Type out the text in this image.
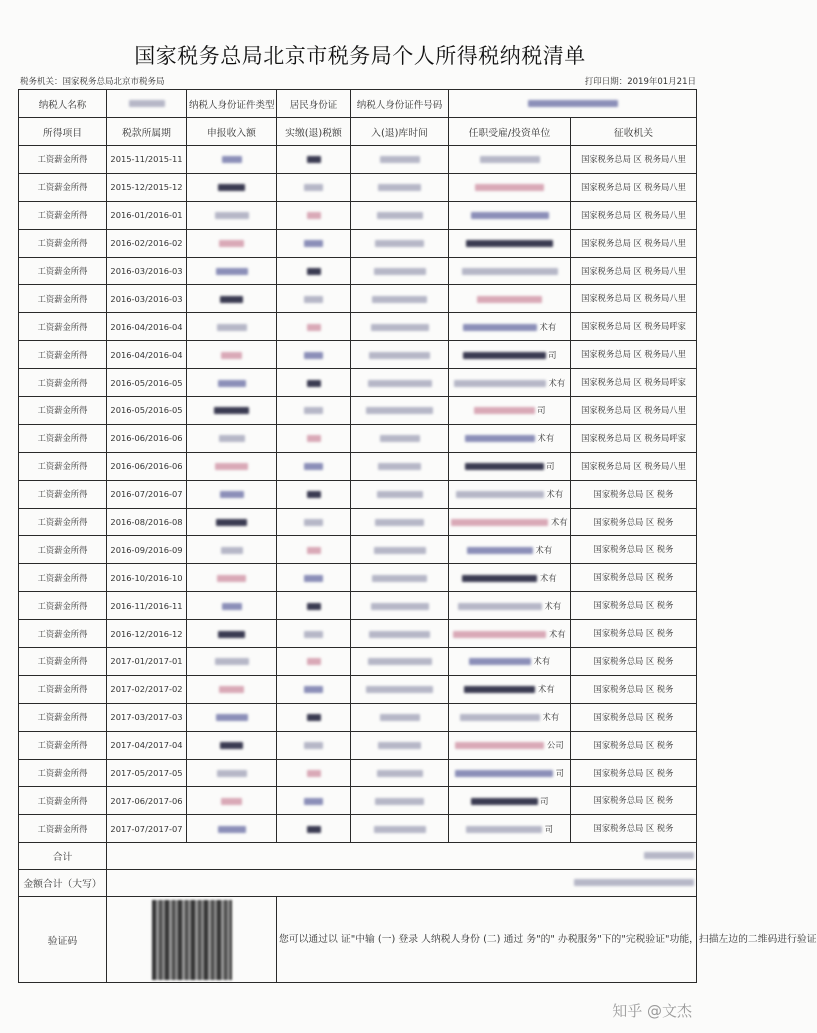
国家税务总局北京市税务局个人所得税纳税清单
税务机关：国家税务总局北京市税务局	打印日期：2019年01月21日
纳税人名称		纳税人身份证件类型	居民身份证	纳税人身份证件号码		
所得项目	税款所属期	申报收入额	实缴(退)税额	入(退)库时间	任职受雇/投资单位	征收机关
工资薪金所得	2015-11/2015-11					国家税务总局 区 税务局八里
工资薪金所得	2015-12/2015-12					国家税务总局 区 税务局八里
工资薪金所得	2016-01/2016-01					国家税务总局 区 税务局八里
工资薪金所得	2016-02/2016-02					国家税务总局 区 税务局八里
工资薪金所得	2016-03/2016-03					国家税务总局 区 税务局八里
工资薪金所得	2016-03/2016-03					国家税务总局 区 税务局八里
工资薪金所得	2016-04/2016-04				术有	国家税务总局 区 税务局呼家
工资薪金所得	2016-04/2016-04				司	国家税务总局 区 税务局八里
工资薪金所得	2016-05/2016-05				术有	国家税务总局 区 税务局呼家
工资薪金所得	2016-05/2016-05				司	国家税务总局 区 税务局八里
工资薪金所得	2016-06/2016-06				术有	国家税务总局 区 税务局呼家
工资薪金所得	2016-06/2016-06				司	国家税务总局 区 税务局八里
工资薪金所得	2016-07/2016-07				术有	国家税务总局 区 税务
工资薪金所得	2016-08/2016-08				术有	国家税务总局 区 税务
工资薪金所得	2016-09/2016-09				术有	国家税务总局 区 税务
工资薪金所得	2016-10/2016-10				术有	国家税务总局 区 税务
工资薪金所得	2016-11/2016-11				术有	国家税务总局 区 税务
工资薪金所得	2016-12/2016-12				术有	国家税务总局 区 税务
工资薪金所得	2017-01/2017-01				术有	国家税务总局 区 税务
工资薪金所得	2017-02/2017-02				术有	国家税务总局 区 税务
工资薪金所得	2017-03/2017-03				术有	国家税务总局 区 税务
工资薪金所得	2017-04/2017-04				公司	国家税务总局 区 税务
工资薪金所得	2017-05/2017-05				司	国家税务总局 区 税务
工资薪金所得	2017-06/2017-06				司	国家税务总局 区 税务
工资薪金所得	2017-07/2017-07				司	国家税务总局 区 税务
合计						
金额合计（大写）						
验证码			您可以通过以 证"中输 (一) 登录 人纳税人身份 (二) 通过 务"的" 办税服务"下的"完税验证"功能，扫描左边的二维码进行验证			
知乎 @文杰
